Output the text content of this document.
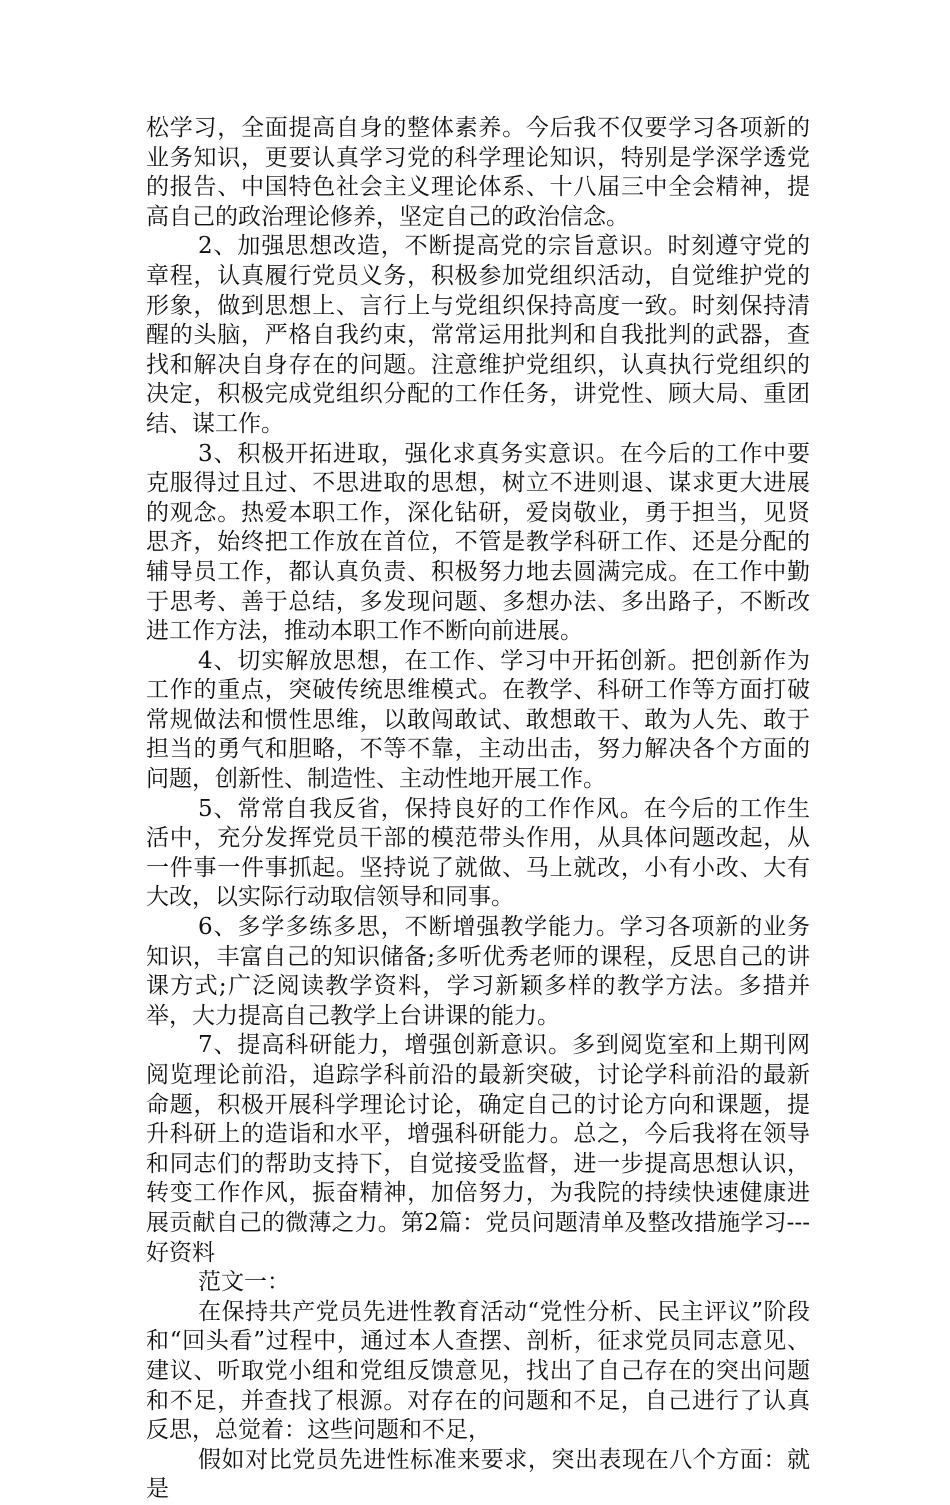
松学习，全面提高自身的整体素养。今后我不仅要学习各项新的业务知识，更要认真学习党的科学理论知识，特别是学深学透党的报告、中国特色社会主义理论体系、十八届三中全会精神，提高自己的政治理论修养，坚定自己的政治信念。

2、加强思想改造，不断提高党的宗旨意识。时刻遵守党的章程，认真履行党员义务，积极参加党组织活动，自觉维护党的形象，做到思想上、言行上与党组织保持高度一致。时刻保持清醒的头脑，严格自我约束，常常运用批判和自我批判的武器，查找和解决自身存在的问题。注意维护党组织，认真执行党组织的决定，积极完成党组织分配的工作任务，讲党性、顾大局、重团结、谋工作。

3、积极开拓进取，强化求真务实意识。在今后的工作中要克服得过且过、不思进取的思想，树立不进则退、谋求更大进展的观念。热爱本职工作，深化钻研，爱岗敬业，勇于担当，见贤思齐，始终把工作放在首位，不管是教学科研工作、还是分配的辅导员工作，都认真负责、积极努力地去圆满完成。在工作中勤于思考、善于总结，多发现问题、多想办法、多出路子，不断改进工作方法，推动本职工作不断向前进展。

4、切实解放思想，在工作、学习中开拓创新。把创新作为工作的重点，突破传统思维模式。在教学、科研工作等方面打破常规做法和惯性思维，以敢闯敢试、敢想敢干、敢为人先、敢于担当的勇气和胆略，不等不靠，主动出击，努力解决各个方面的问题，创新性、制造性、主动性地开展工作。

5、常常自我反省，保持良好的工作作风。在今后的工作生活中，充分发挥党员干部的模范带头作用，从具体问题改起，从一件事一件事抓起。坚持说了就做、马上就改，小有小改、大有大改，以实际行动取信领导和同事。

6、多学多练多思，不断增强教学能力。学习各项新的业务知识，丰富自己的知识储备;多听优秀老师的课程，反思自己的讲课方式;广泛阅读教学资料，学习新颖多样的教学方法。多措并举，大力提高自己教学上台讲课的能力。

7、提高科研能力，增强创新意识。多到阅览室和上期刊网阅览理论前沿，追踪学科前沿的最新突破，讨论学科前沿的最新命题，积极开展科学理论讨论，确定自己的讨论方向和课题，提升科研上的造诣和水平，增强科研能力。总之，今后我将在领导和同志们的帮助支持下，自觉接受监督，进一步提高思想认识，转变工作作风，振奋精神，加倍努力，为我院的持续快速健康进展贡献自己的微薄之力。第2篇：党员问题清单及整改措施学习---好资料

范文一：

在保持共产党员先进性教育活动“党性分析、民主评议”阶段和“回头看”过程中，通过本人查摆、剖析，征求党员同志意见、建议、听取党小组和党组反馈意见，找出了自己存在的突出问题和不足，并查找了根源。对存在的问题和不足，自己进行了认真反思，总觉着：这些问题和不足，

假如对比党员先进性标准来要求，突出表现在八个方面：就是
